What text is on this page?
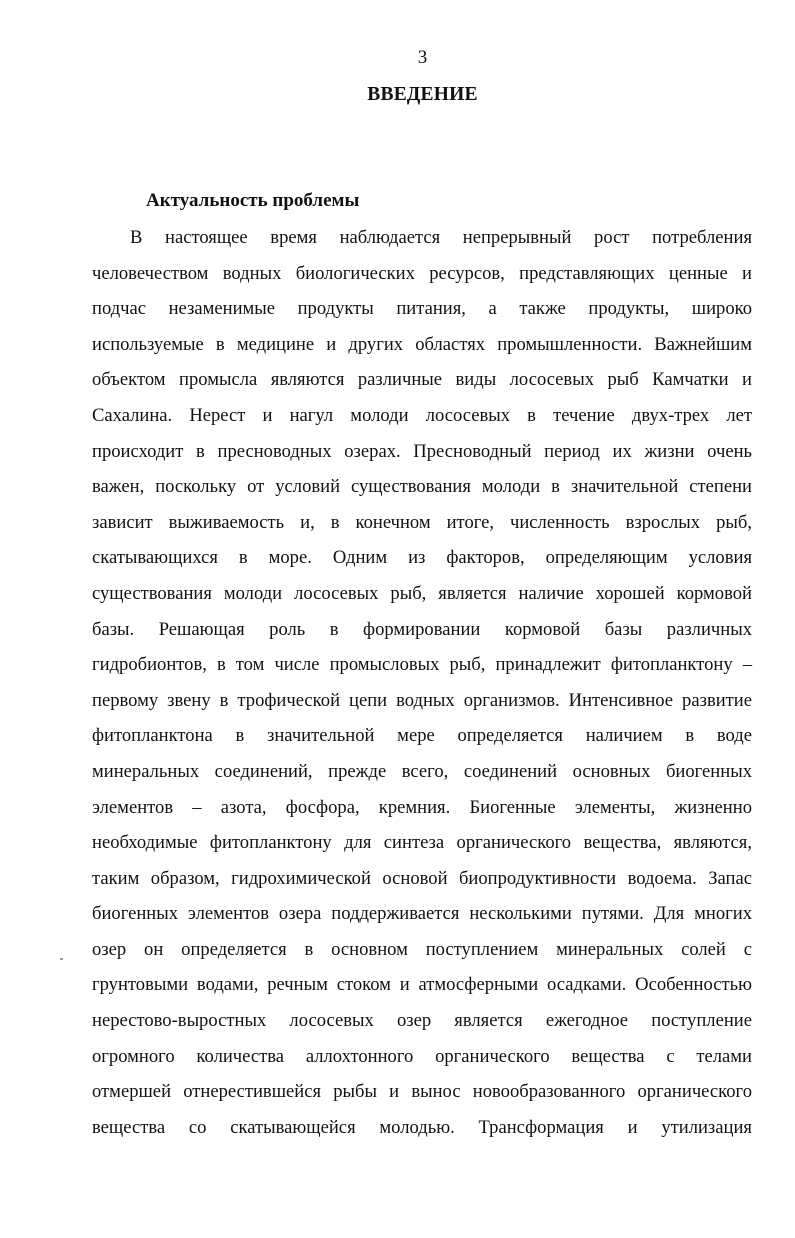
3
ВВЕДЕНИЕ
Актуальность проблемы
В настоящее время наблюдается непрерывный рост потребления
человечеством водных биологических ресурсов, представляющих ценные и
подчас незаменимые продукты питания, а также продукты, широко
используемые в медицине и других областях промышленности. Важнейшим
объектом промысла являются различные виды лососевых рыб Камчатки и
Сахалина. Нерест и нагул молоди лососевых в течение двух-трех лет
происходит в пресноводных озерах. Пресноводный период их жизни очень
важен, поскольку от условий существования молоди в значительной степени
зависит выживаемость и, в конечном итоге, численность взрослых рыб,
скатывающихся в море. Одним из факторов, определяющим условия
существования молоди лососевых рыб, является наличие хорошей кормовой
базы. Решающая роль в формировании кормовой базы различных
гидробионтов, в том числе промысловых рыб, принадлежит фитопланктону –
первому звену в трофической цепи водных организмов. Интенсивное развитие
фитопланктона в значительной мере определяется наличием в воде
минеральных соединений, прежде всего, соединений основных биогенных
элементов – азота, фосфора, кремния. Биогенные элементы, жизненно
необходимые фитопланктону для синтеза органического вещества, являются,
таким образом, гидрохимической основой биопродуктивности водоема. Запас
биогенных элементов озера поддерживается несколькими путями. Для многих
озер он определяется в основном поступлением минеральных солей с
грунтовыми водами, речным стоком и атмосферными осадками. Особенностью
нерестово-выростных лососевых озер является ежегодное поступление
огромного количества аллохтонного органического вещества с телами
отмершей отнерестившейся рыбы и вынос новообразованного органического
вещества со скатывающейся молодью. Трансформация и утилизация
